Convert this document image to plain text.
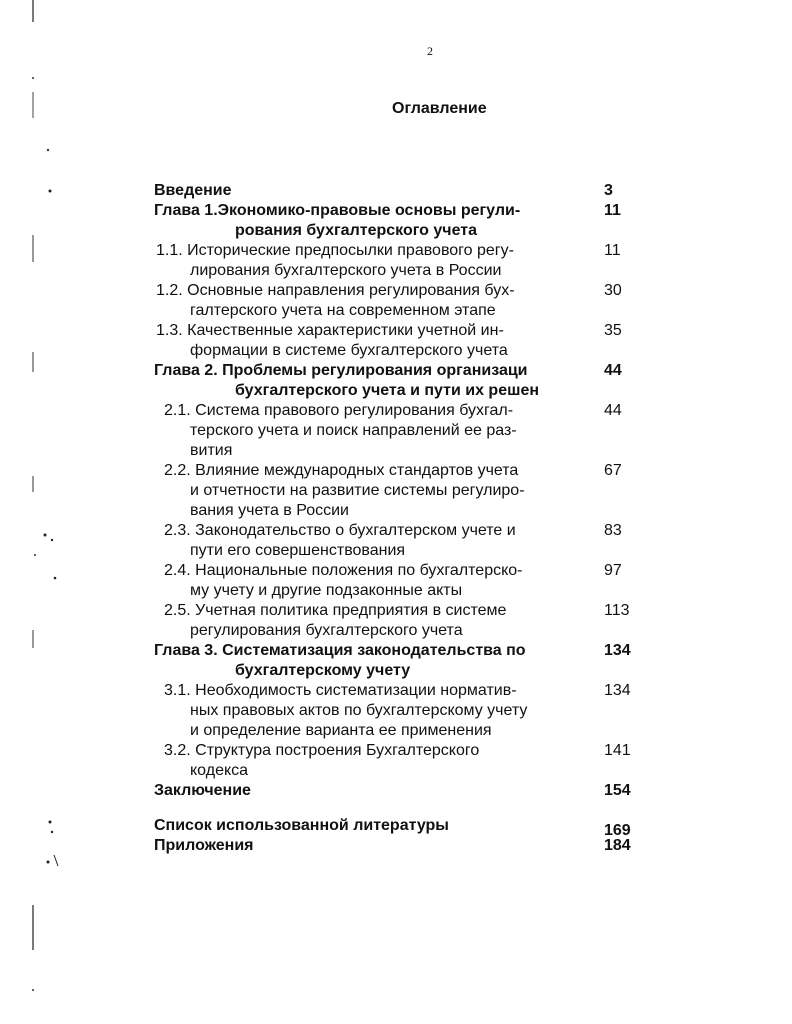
2
Оглавление
Введение	3
Глава 1.Экономико-правовые основы регули-	11
рования бухгалтерского учета
1.1. Исторические предпосылки правового регу-	11
лирования бухгалтерского учета в России
1.2. Основные направления регулирования бух-	30
галтерского учета на современном этапе
1.3. Качественные характеристики учетной ин-	35
формации в системе бухгалтерского учета
Глава 2. Проблемы регулирования организаци	44
бухгалтерского учета и пути их решен
2.1. Система правового регулирования бухгал-	44
терского учета и поиск направлений ее раз-
вития
2.2. Влияние международных стандартов учета	67
и отчетности на развитие системы регулиро-
вания учета в России
2.3. Законодательство о бухгалтерском учете и	83
пути его совершенствования
2.4. Национальные положения по бухгалтерско-	97
му учету и другие подзаконные акты
2.5. Учетная политика предприятия в системе	113
регулирования бухгалтерского учета
Глава 3. Систематизация законодательства по	134
бухгалтерскому учету
3.1. Необходимость систематизации норматив-	134
ных правовых актов по бухгалтерскому учету
и определение варианта ее применения
3.2. Структура построения Бухгалтерского	141
кодекса
Заключение	154
Список использованной литературы	169
Приложения	184
